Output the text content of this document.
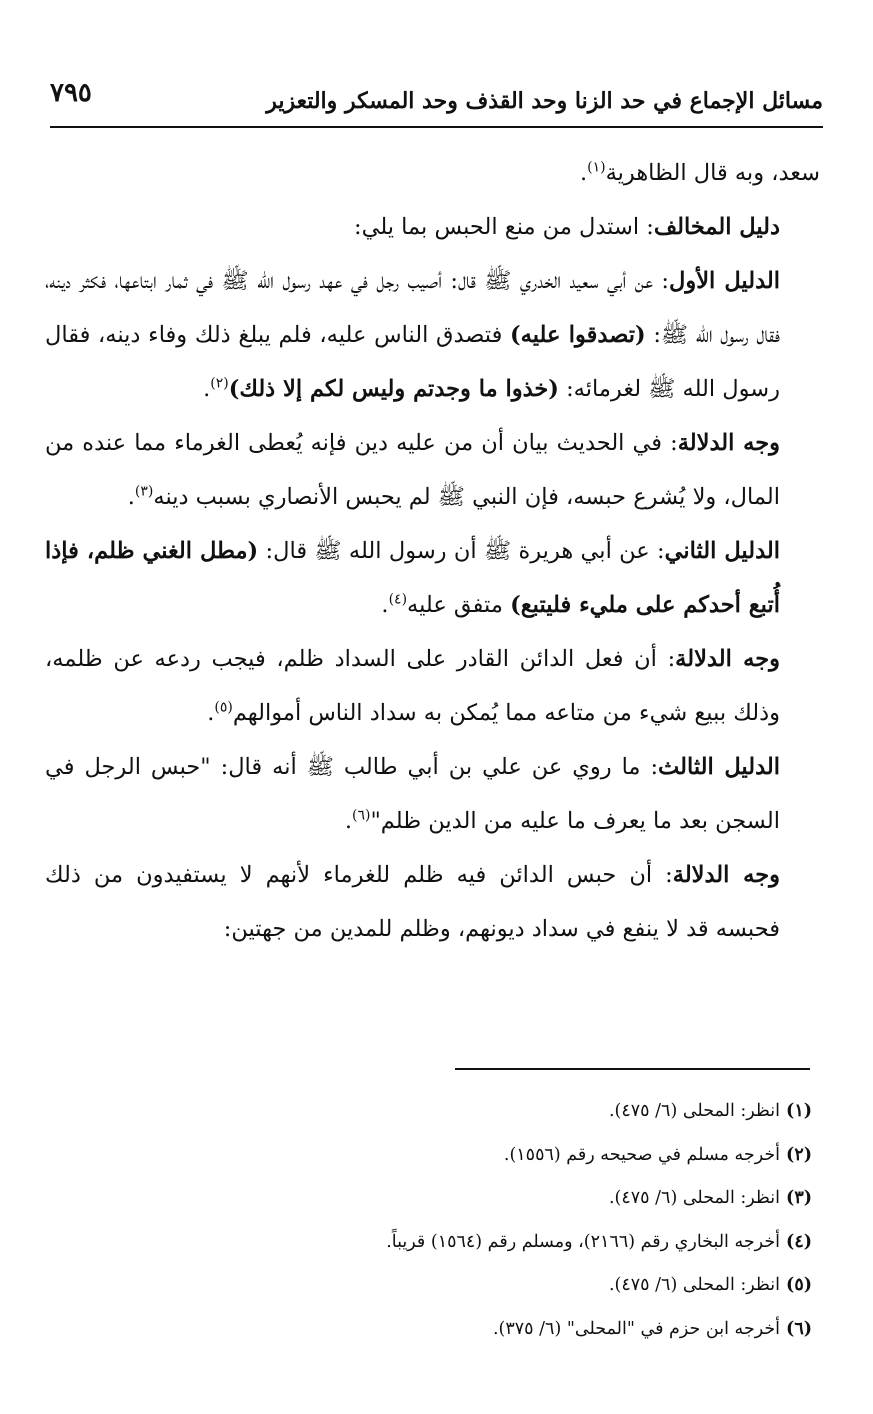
مسائل الإجماع في حد الزنا وحد القذف وحد المسكر والتعزير
٧٩٥

سعد، وبه قال الظاهرية$^{(١)}$.

دليل المخالف: استدل من منع الحبس بما يلي:

الدليل الأول: عن أبي سعيد الخدري ﷺ قال: أصيب رجل في عهد رسول الله ﷺ في ثمار ابتاعها، فكثر دينه، فقال رسول الله ﷺ: (تصدقوا عليه) فتصدق الناس عليه، فلم يبلغ ذلك وفاء دينه، فقال رسول الله ﷺ لغرمائه: (خذوا ما وجدتم وليس لكم إلا ذلك)$^{(٢)}$.

وجه الدلالة: في الحديث بيان أن من عليه دين فإنه يُعطى الغرماء مما عنده من المال، ولا يُشرع حبسه، فإن النبي ﷺ لم يحبس الأنصاري بسبب دينه$^{(٣)}$.

الدليل الثاني: عن أبي هريرة ﷺ أن رسول الله ﷺ قال: (مطل الغني ظلم، فإذا أُتبع أحدكم على مليء فليتبع) متفق عليه$^{(٤)}$.

وجه الدلالة: أن فعل الدائن القادر على السداد ظلم، فيجب ردعه عن ظلمه، وذلك ببيع شيء من متاعه مما يُمكن به سداد الناس أموالهم$^{(٥)}$.

الدليل الثالث: ما روي عن علي بن أبي طالب ﷺ أنه قال: "حبس الرجل في السجن بعد ما يعرف ما عليه من الدين ظلم"$^{(٦)}$.

وجه الدلالة: أن حبس الدائن فيه ظلم للغرماء لأنهم لا يستفيدون من ذلك فحبسه قد لا ينفع في سداد ديونهم، وظلم للمدين من جهتين:

(١)انظر: المحلى (٦/ ٤٧٥).

(٢)أخرجه مسلم في صحيحه رقم (١٥٥٦).

(٣)انظر: المحلى (٦/ ٤٧٥).

(٤)أخرجه البخاري رقم (٢١٦٦)، ومسلم رقم (١٥٦٤) قريباً.

(٥)انظر: المحلى (٦/ ٤٧٥).

(٦)أخرجه ابن حزم في "المحلى" (٦/ ٣٧٥).
